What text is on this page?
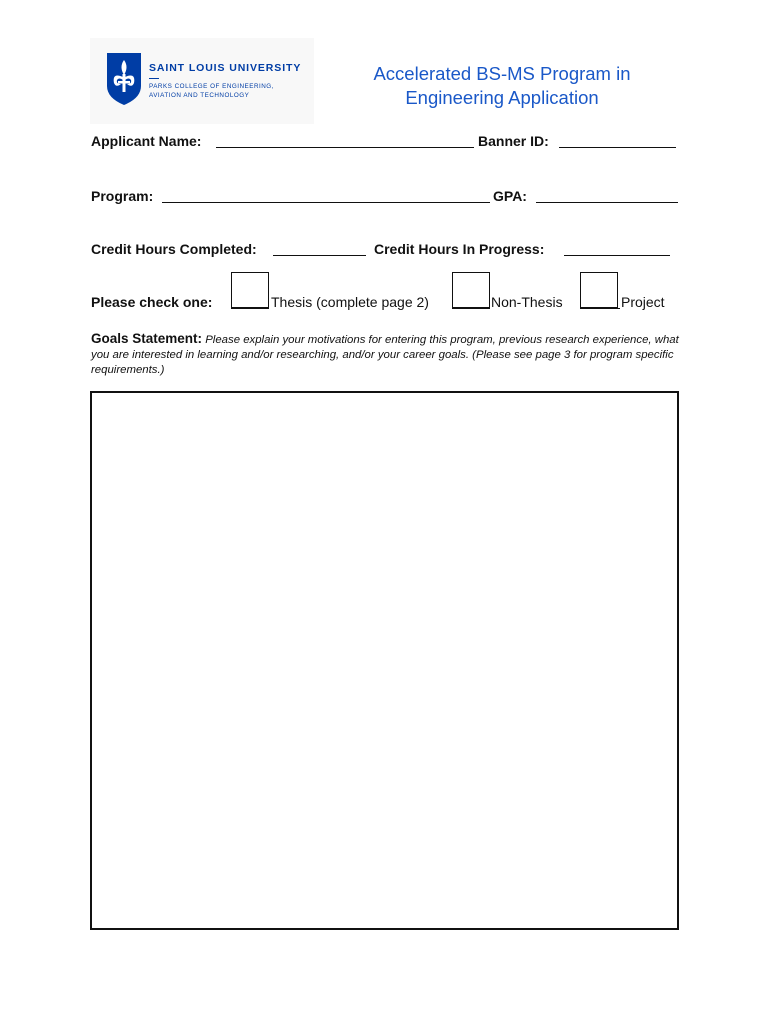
SAINT LOUIS UNIVERSITY
PARKS COLLEGE OF ENGINEERING,
AVIATION AND TECHNOLOGY
Accelerated BS-MS Program in
Engineering Application
Applicant Name:	Banner ID:
Program:	GPA:
Credit Hours Completed:	Credit Hours In Progress:
Please check one:	Thesis (complete page 2)	Non-Thesis	Project
Goals Statement: Please explain your motivations for entering this program, previous research experience, what you are interested in learning and/or researching, and/or your career goals. (Please see page 3 for program specific requirements.)
